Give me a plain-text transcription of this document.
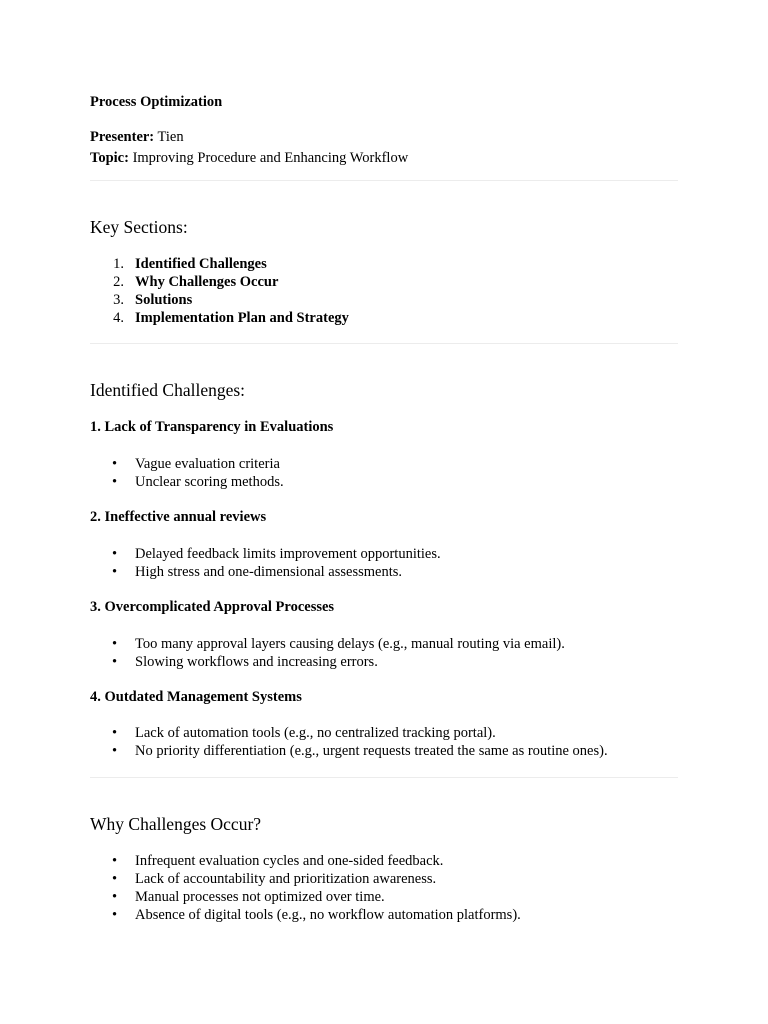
Process Optimization

Presenter: Tien

Topic: Improving Procedure and Enhancing Workflow

Key Sections:
1. Identified Challenges
2. Why Challenges Occur
3. Solutions
4. Implementation Plan and Strategy
Identified Challenges:
1. Lack of Transparency in Evaluations
• Vague evaluation criteria
• Unclear scoring methods.
2. Ineffective annual reviews
• Delayed feedback limits improvement opportunities.
• High stress and one-dimensional assessments.
3. Overcomplicated Approval Processes
• Too many approval layers causing delays (e.g., manual routing via email).
• Slowing workflows and increasing errors.
4. Outdated Management Systems
• Lack of automation tools (e.g., no centralized tracking portal).
• No priority differentiation (e.g., urgent requests treated the same as routine ones).
Why Challenges Occur?
• Infrequent evaluation cycles and one-sided feedback.
• Lack of accountability and prioritization awareness.
• Manual processes not optimized over time.
• Absence of digital tools (e.g., no workflow automation platforms).
